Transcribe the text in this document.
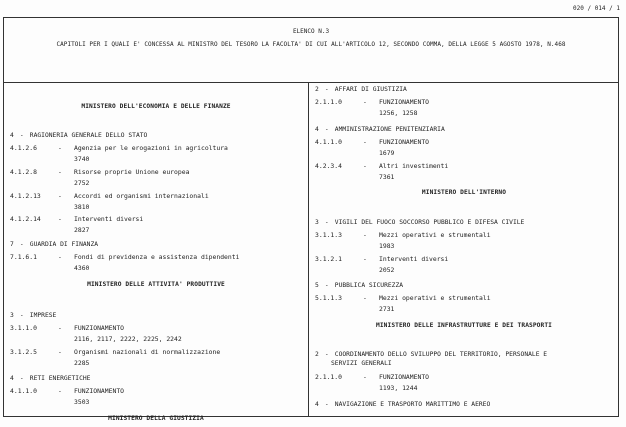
020 / 014 / 1
ELENCO N.3
CAPITOLI PER I QUALI E' CONCESSA AL MINISTRO DEL TESORO LA FACOLTA' DI CUI ALL'ARTICOLO 12, SECONDO COMMA, DELLA LEGGE 5 AGOSTO 1978, N.468
MINISTERO DELL'ECONOMIA E DELLE FINANZE
4 - RAGIONERIA GENERALE DELLO STATO
4.1.2.6	- Agenzia per le erogazioni in agricoltura
3740
4.1.2.8	- Risorse proprie Unione europea
2752
4.1.2.13	- Accordi ed organismi internazionali
3810
4.1.2.14	- Interventi diversi
2827
7 - GUARDIA DI FINANZA
7.1.6.1	- Fondi di previdenza e assistenza dipendenti
4360
MINISTERO DELLE ATTIVITA' PRODUTTIVE
3 - IMPRESE
3.1.1.0	- FUNZIONAMENTO
2116, 2117, 2222, 2225, 2242
3.1.2.5	- Organismi nazionali di normalizzazione
2285
4 - RETI ENERGETICHE
4.1.1.0	- FUNZIONAMENTO
3503
MINISTERO DELLA GIUSTIZIA
2 - AFFARI DI GIUSTIZIA
2.1.1.0	- FUNZIONAMENTO
1256, 1258
4 - AMMINISTRAZIONE PENITENZIARIA
4.1.1.0	- FUNZIONAMENTO
1679
4.2.3.4	- Altri investimenti
7361
MINISTERO DELL'INTERNO
3 - VIGILI DEL FUOCO SOCCORSO PUBBLICO E DIFESA CIVILE
3.1.1.3	- Mezzi operativi e strumentali
1983
3.1.2.1	- Interventi diversi
2052
5 - PUBBLICA SICUREZZA
5.1.1.3	- Mezzi operativi e strumentali
2731
MINISTERO DELLE INFRASTRUTTURE E DEI TRASPORTI
2 - COORDINAMENTO DELLO SVILUPPO DEL TERRITORIO, PERSONALE E
SERVIZI GENERALI
2.1.1.0	- FUNZIONAMENTO
1193, 1244
4 - NAVIGAZIONE E TRASPORTO MARITTIMO E AEREO
